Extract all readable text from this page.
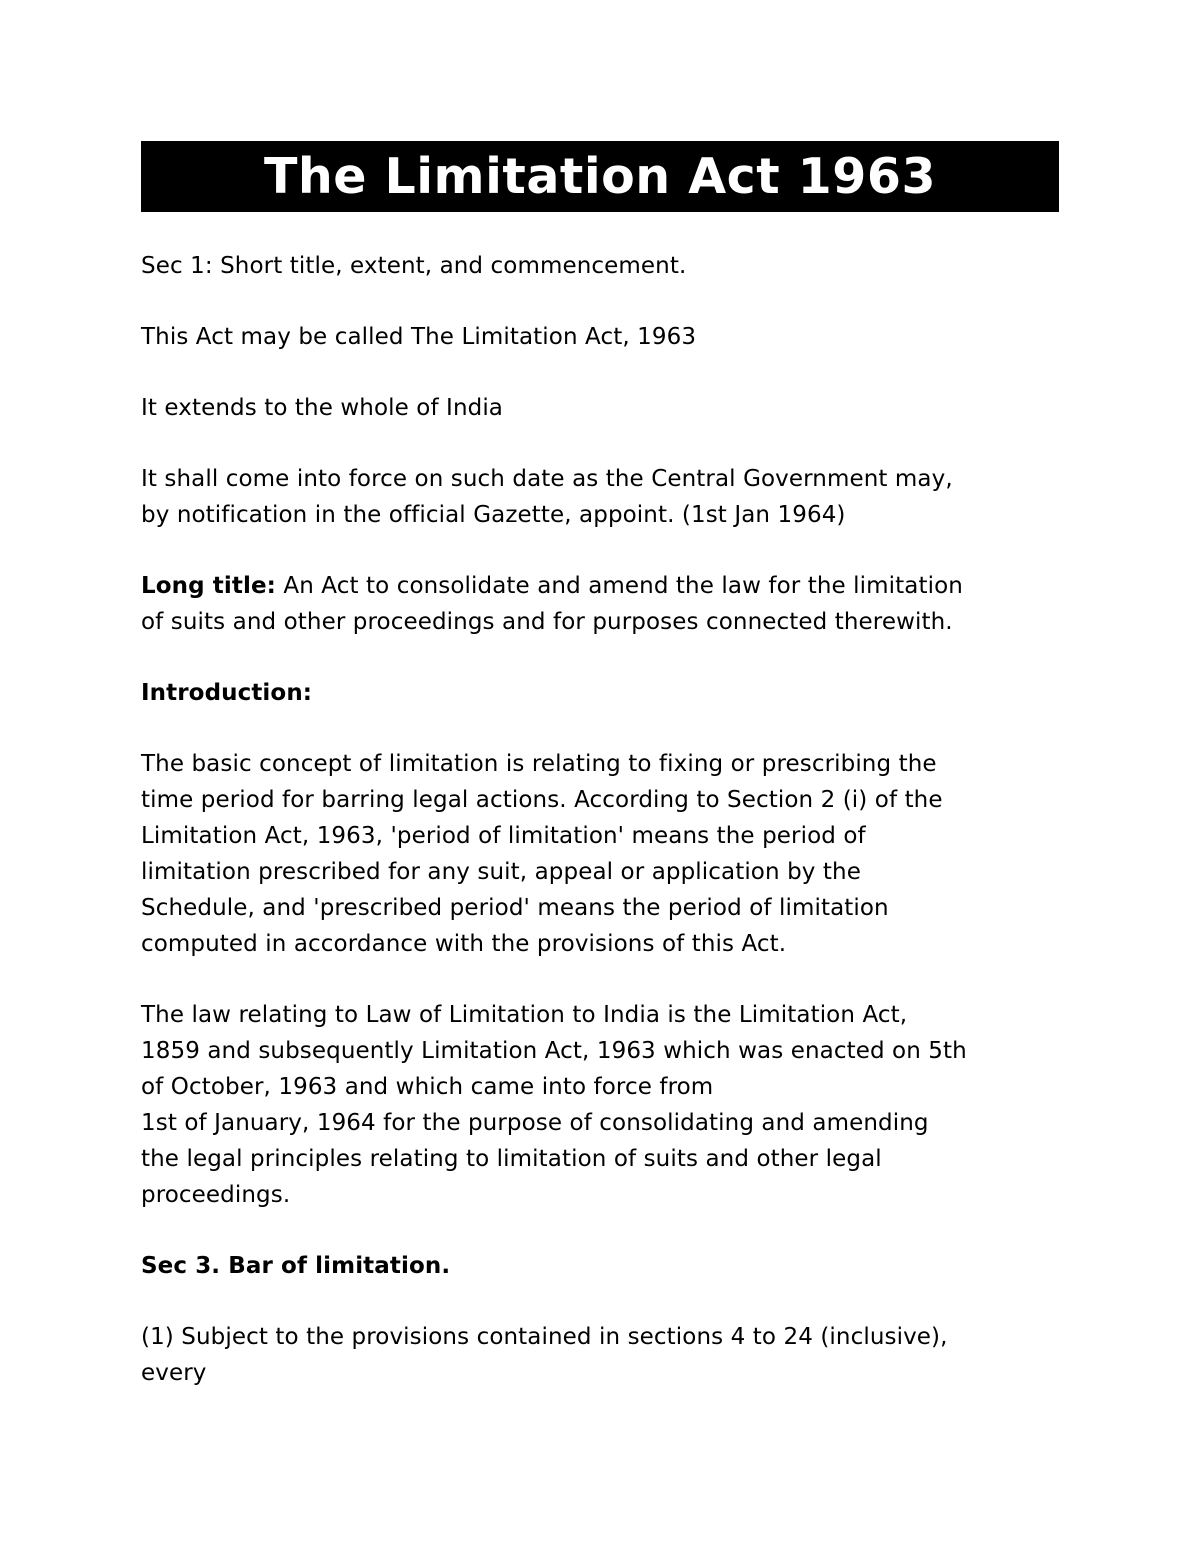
The Limitation Act 1963

Sec 1: Short title, extent, and commencement.

This Act may be called The Limitation Act, 1963

It extends to the whole of India

It shall come into force on such date as the Central Government may,

by notification in the official Gazette, appoint. (1st Jan 1964)

Long title: An Act to consolidate and amend the law for the limitation

of suits and other proceedings and for purposes connected therewith.

Introduction:

The basic concept of limitation is relating to fixing or prescribing the

time period for barring legal actions. According to Section 2 (i) of the

Limitation Act, 1963, 'period of limitation' means the period of

limitation prescribed for any suit, appeal or application by the

Schedule, and 'prescribed period' means the period of limitation

computed in accordance with the provisions of this Act.

The law relating to Law of Limitation to India is the Limitation Act,

1859 and subsequently Limitation Act, 1963 which was enacted on 5th

of October, 1963 and which came into force from

1st of January, 1964 for the purpose of consolidating and amending

the legal principles relating to limitation of suits and other legal

proceedings.

Sec 3. Bar of limitation.

(1) Subject to the provisions contained in sections 4 to 24 (inclusive),

every
